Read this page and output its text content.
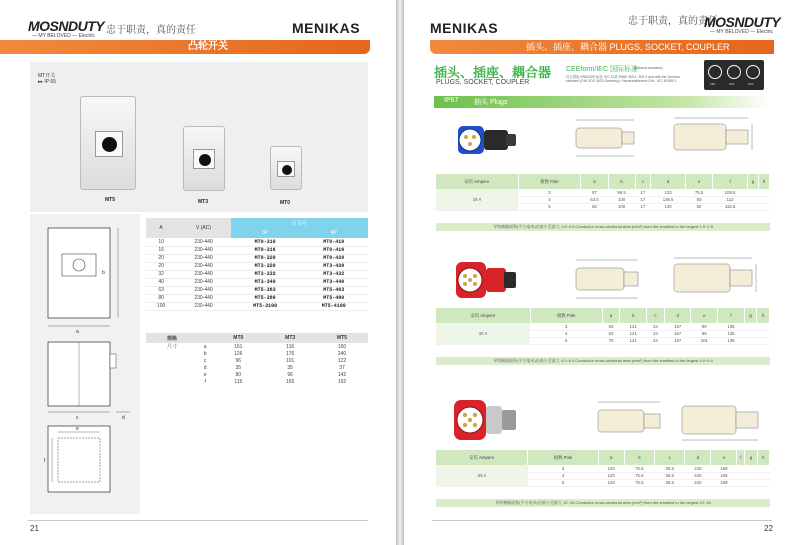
MOSNDUTY
— MY BELOVED — Electric 忠于职责，真的责任	MENIKAS
凸轮开关
MT开关
▸▸ IP 65
MT5	MT3	MT0
b
a
c	d
e
f
A	V (AC)	订货号	
		3P	4P
10	230-440	MT0-310	MT0-410
16	230-440	MT0-316	MT0-416
20	230-440	MT0-320	MT0-420
20	230-440	MT3-320	MT3-420
32	230-440	MT3-332	MT3-432
40	230-440	MT3-340	MT3-440
63	230-440	MT5-363	MT5-463
80	230-440	MT5-380	MT5-480
100	230-440	MT5-3100	MT5-4100
规格		MT0	MT3	MT5
尺寸	a	161	116	160
	b	126	176	240
	c	96	101	122
	d	35	35	37
	e	80	96	142
	f	115	165	192
21
MENIKAS	忠于职责，真的责任
MOSNDUTY
— MY BELOVED — Electric
插头、插座、耦合器 PLUGS, SOCKET, COUPLER
插头、插座、耦合器
PLUGS, SOCKET, COUPLER
CEEform/IEC 国际标准
(National standards)
符合国际 EN60309 标准, IEC 标准 EN60 309-1, 309-2 and with the German standard (DIN VDE 0623 Germany) / Neuerstattierend DIN - IEC 60309-2
16P	32A	63A
IP67 插头 Plugs
安培 Ampere	极数 Pole	a	b	c	d	e	f	g	h
	3	87	96.5	17	133	75.5	108.5		
16 A	4	63.5	100	17	136.5	83	112		
	5	60	100	17	140	82	115.5		
导线横截面积(平方毫米)由最小至最大 1.5~2.5 Conductor cross-sectional area (mm²) from the smallest to the largest 1.5~2.5
安培 Ampere	极数 Pole	a	b	c	d	e	f	g	h
	3	63	121	24	167	99	135		
32 A	4	63	121	24	167	99	135		
	5	70	121	24	167	101	135		
导线横截面积(平方毫米)由最小至最大 4.0~6.0 Conductor cross-sectional area (mm²) from the smallest to the largest 4.0~6.0
安培 Ampere	极数 Pole	a	b	c	d	e	f	g	h
	3	120	75.5	36.5	240	168			
63 A	4	120	75.5	36.5	240	168			
	5	120	75.5	36.5	240	168			
导线横截面积(平方毫米)由最小至最大 10~16 Conductor cross-sectional area (mm²) from the smallest to the largest 10~16
22
